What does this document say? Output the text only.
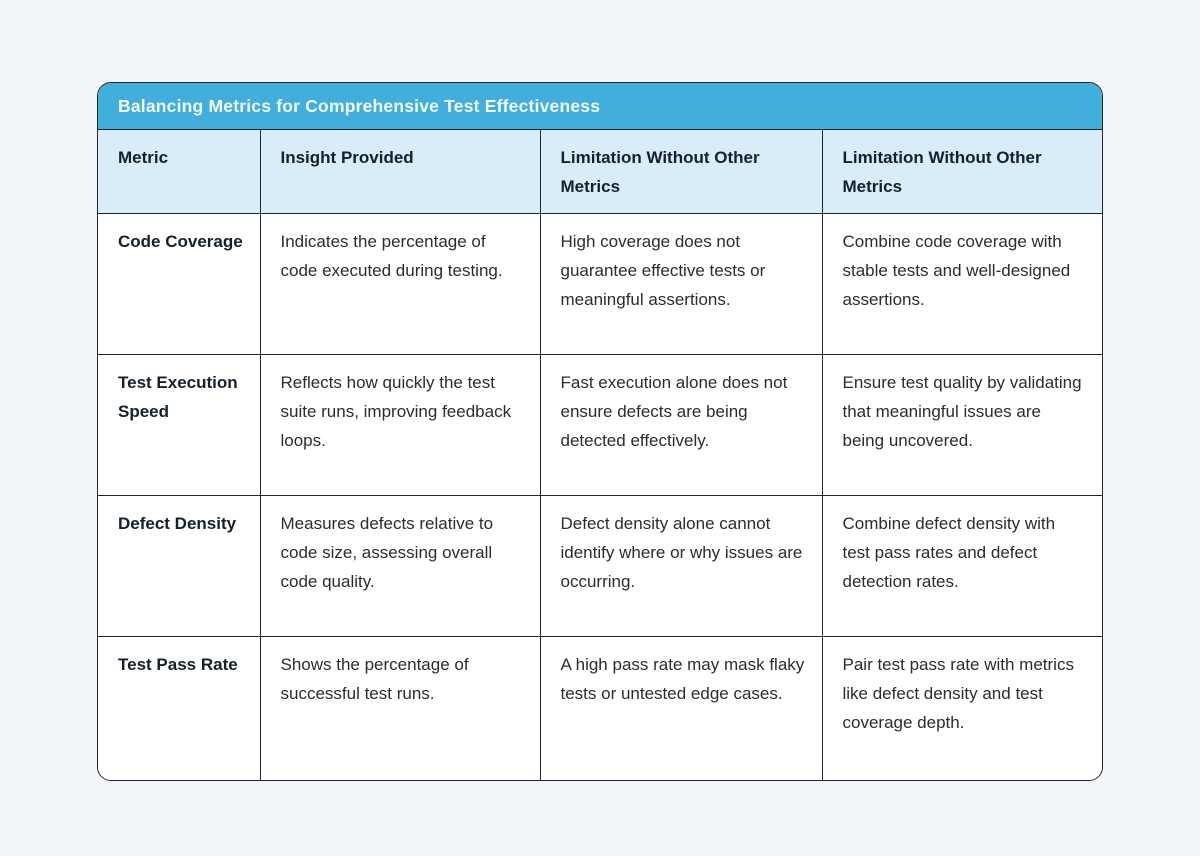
Balancing Metrics for Comprehensive Test Effectiveness
Metric	Insight Provided	Limitation Without Other Metrics	Limitation Without Other Metrics
Code Coverage	Indicates the percentage of code executed during testing.	High coverage does not guarantee effective tests or meaningful assertions.	Combine code coverage with stable tests and well-designed assertions.
Test Execution Speed	Reflects how quickly the test suite runs, improving feedback loops.	Fast execution alone does not ensure defects are being detected effectively.	Ensure test quality by validating that meaningful issues are being uncovered.
Defect Density	Measures defects relative to code size, assessing overall code quality.	Defect density alone cannot identify where or why issues are occurring.	Combine defect density with test pass rates and defect detection rates.
Test Pass Rate	Shows the percentage of successful test runs.	A high pass rate may mask flaky tests or untested edge cases.	Pair test pass rate with metrics like defect density and test coverage depth.
